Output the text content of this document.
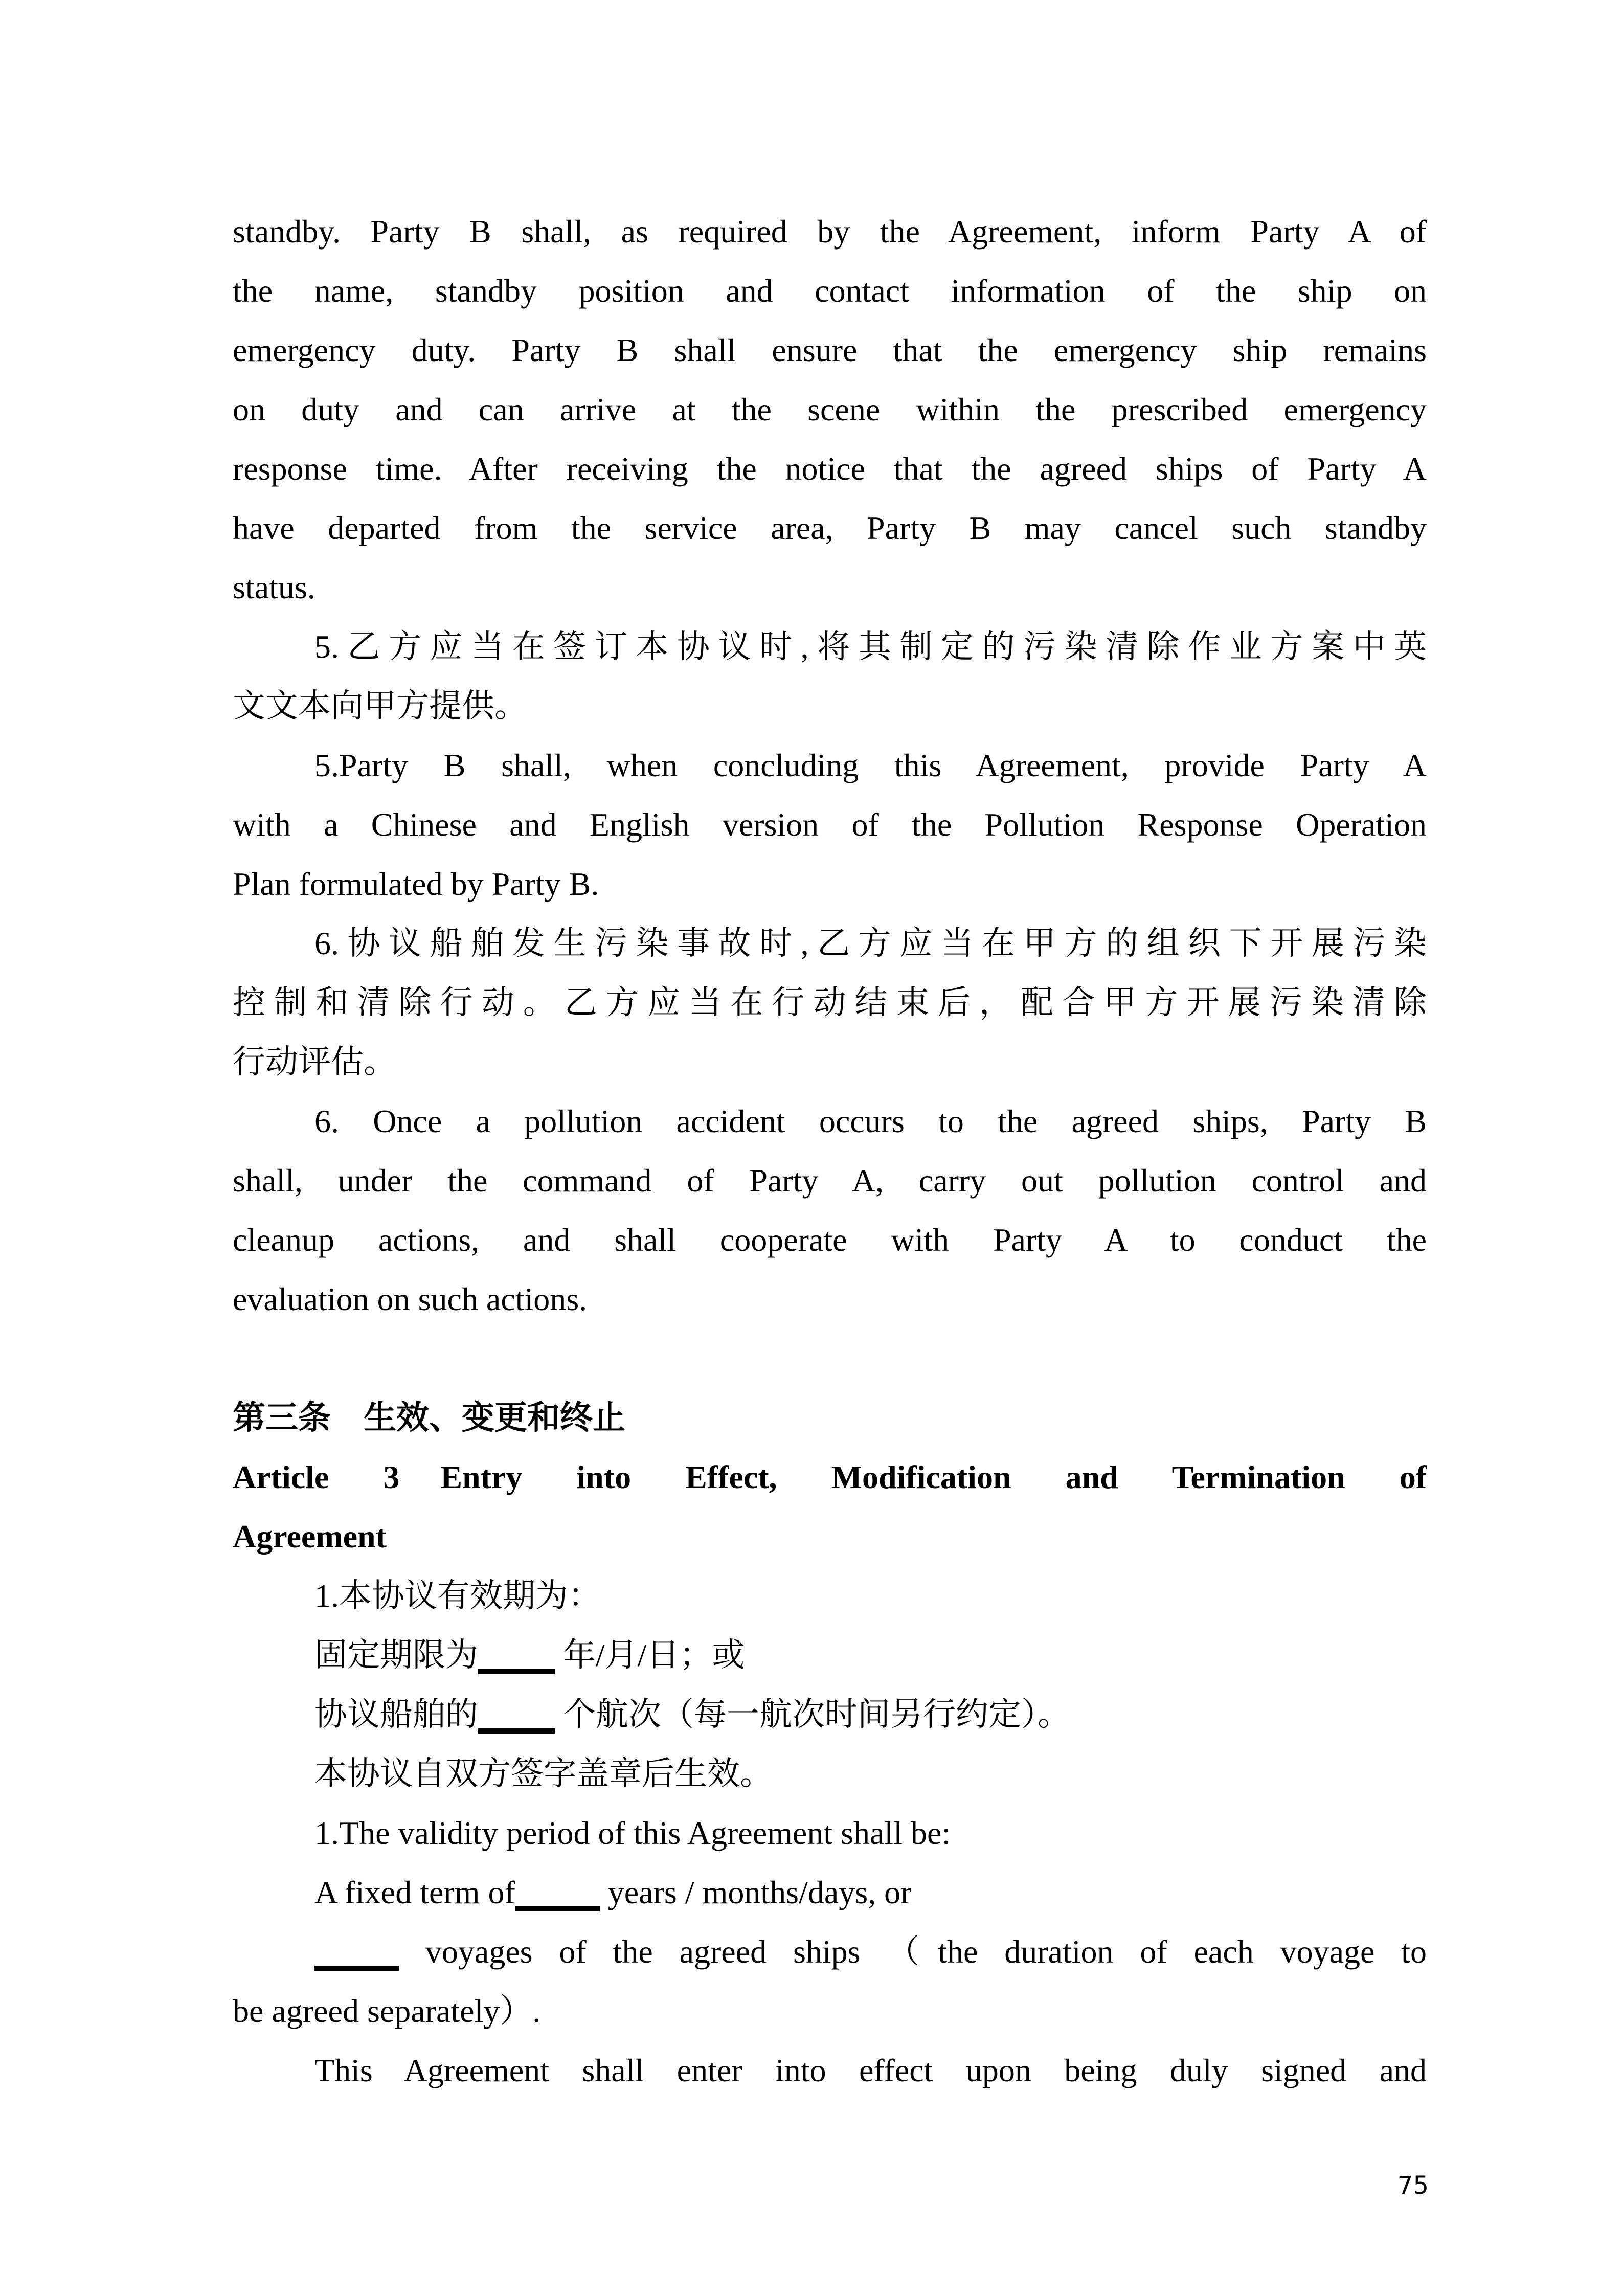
standby. Party B shall, as required by the Agreement, inform Party A of
the name, standby position and contact information of the ship on
emergency duty. Party B shall ensure that the emergency ship remains
on duty and can arrive at the scene within the prescribed emergency
response time. After receiving the notice that the agreed ships of Party A
have departed from the service area, Party B may cancel such standby
status.
5.乙方应当在签订本协议时,将其制定的污染清除作业方案中英
文文本向甲方提供。
5.Party B shall, when concluding this Agreement, provide Party A
with a Chinese and English version of the Pollution Response Operation
Plan formulated by Party B.
6.协议船舶发生污染事故时,乙方应当在甲方的组织下开展污染
控制和清除行动。乙方应当在行动结束后，配合甲方开展污染清除
行动评估。
6. Once a pollution accident occurs to the agreed ships, Party B
shall, under the command of Party A, carry out pollution control and
cleanup actions, and shall cooperate with Party A to conduct the
evaluation on such actions.
第三条 生效、变更和终止
Article 3 Entry into Effect, Modification and Termination of
Agreement
1.本协议有效期为：
固定期限为 年/月/日；或
协议船舶的 个航次（每一航次时间另行约定）。
本协议自双方签字盖章后生效。
1.The validity period of this Agreement shall be:
A fixed term of	years / months/days, or
voyages of the agreed ships （the duration of each voyage to
be agreed separately）.
This Agreement shall enter into effect upon being duly signed and
75
